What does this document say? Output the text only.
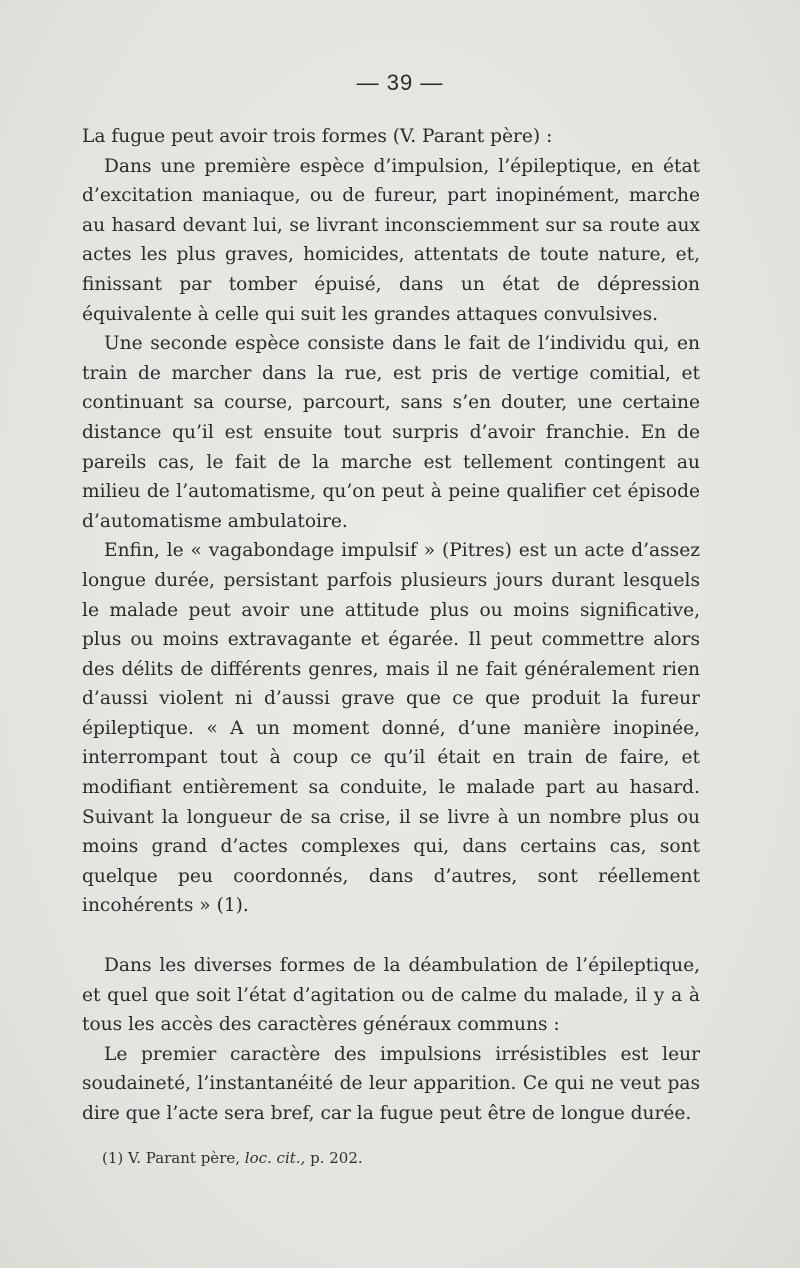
— 39 —

La fugue peut avoir trois formes (V. Parant père) :

Dans une première espèce d’impulsion, l’épileptique, en état d’excitation maniaque, ou de fureur, part inopinément, marche au hasard devant lui, se livrant inconsciemment sur sa route aux actes les plus graves, homicides, attentats de toute nature, et, finissant par tomber épuisé, dans un état de dépression équivalente à celle qui suit les grandes attaques convulsives.

Une seconde espèce consiste dans le fait de l’individu qui, en train de marcher dans la rue, est pris de vertige comitial, et continuant sa course, parcourt, sans s’en douter, une certaine distance qu’il est ensuite tout surpris d’avoir franchie. En de pareils cas, le fait de la marche est tellement contingent au milieu de l’automatisme, qu’on peut à peine qualifier cet épisode d’automatisme ambulatoire.

Enfin, le « vagabondage impulsif » (Pitres) est un acte d’assez longue durée, persistant parfois plusieurs jours durant lesquels le malade peut avoir une attitude plus ou moins significative, plus ou moins extravagante et égarée. Il peut commettre alors des délits de différents genres, mais il ne fait généralement rien d’aussi violent ni d’aussi grave que ce que produit la fureur épileptique. « A un moment donné, d’une manière inopinée, interrompant tout à coup ce qu’il était en train de faire, et modifiant entièrement sa conduite, le malade part au hasard. Suivant la longueur de sa crise, il se livre à un nombre plus ou moins grand d’actes complexes qui, dans certains cas, sont quelque peu coordonnés, dans d’autres, sont réellement incohérents » (1).

Dans les diverses formes de la déambulation de l’épileptique, et quel que soit l’état d’agitation ou de calme du malade, il y a à tous les accès des caractères généraux communs :

Le premier caractère des impulsions irrésistibles est leur soudaineté, l’instantanéité de leur apparition. Ce qui ne veut pas dire que l’acte sera bref, car la fugue peut être de longue durée.

(1) V. Parant père, loc. cit., p. 202.
